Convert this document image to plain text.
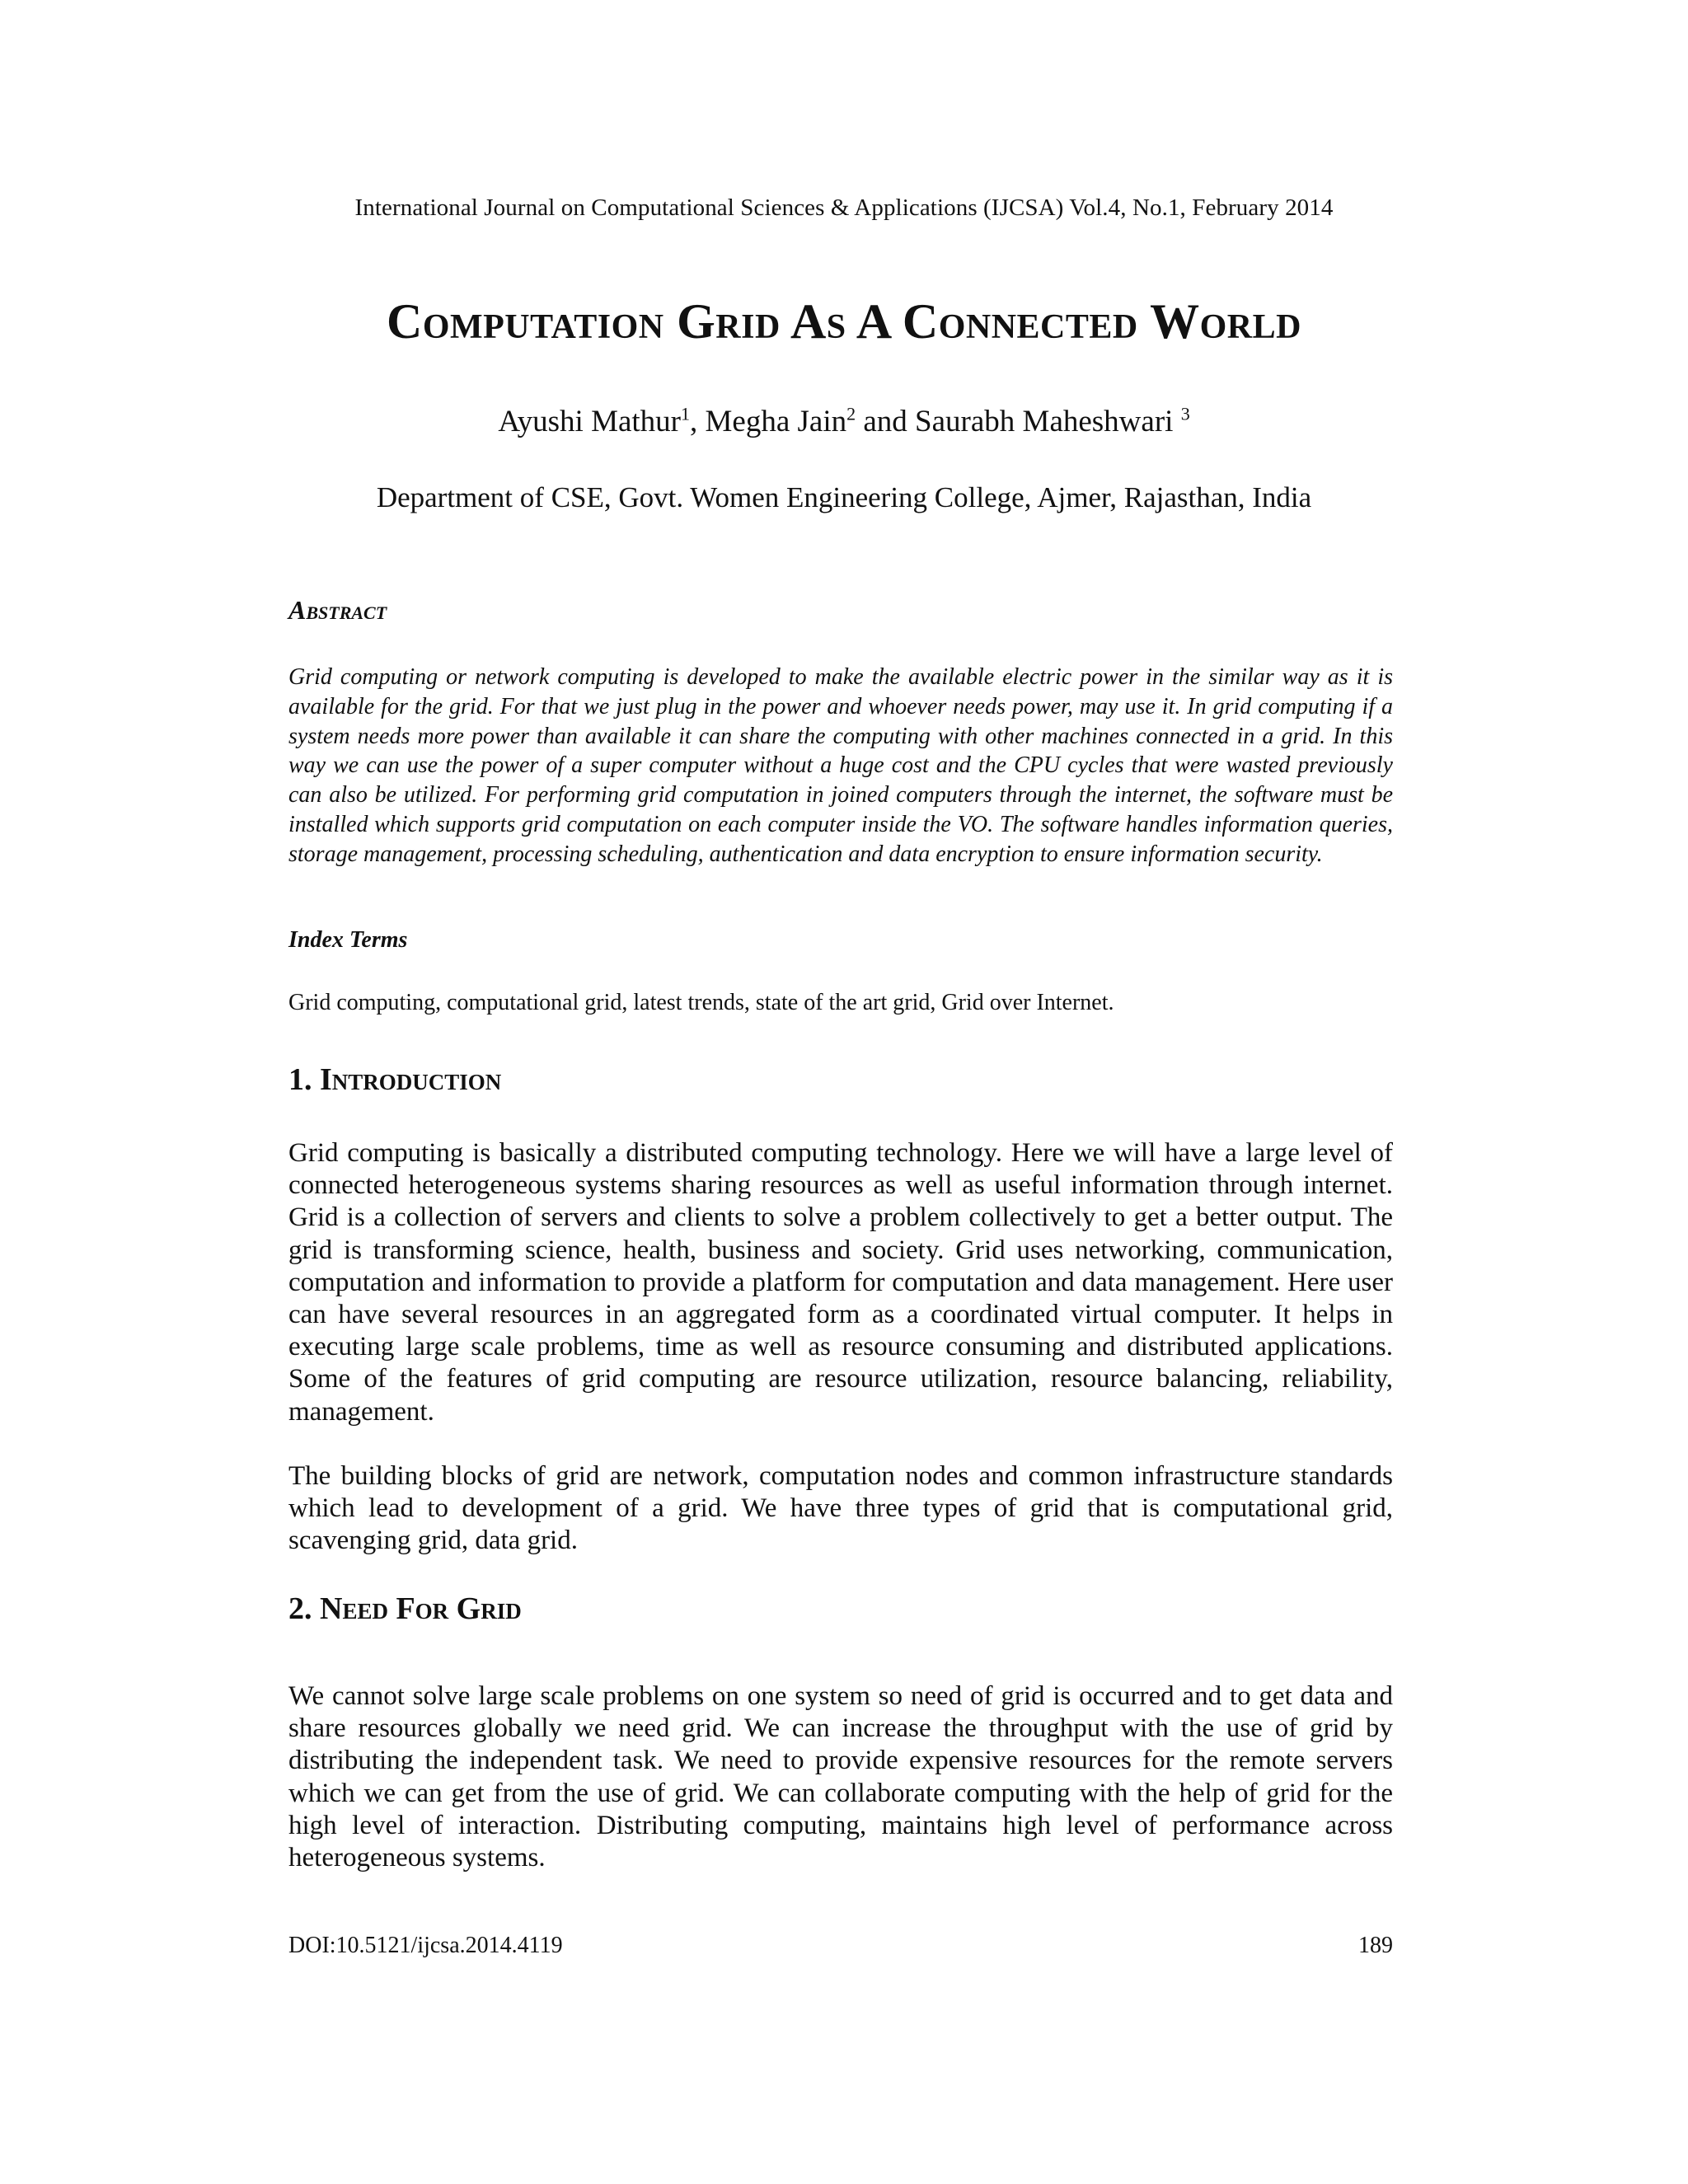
International Journal on Computational Sciences & Applications (IJCSA) Vol.4, No.1, February 2014
Computation Grid As A Connected World
Ayushi Mathur$^1$, Megha Jain$^2$ and Saurabh Maheshwari $^3$
Department of CSE, Govt. Women Engineering College, Ajmer, Rajasthan, India
Abstract
Grid computing or network computing is developed to make the available electric power in the similar way as it is available for the grid. For that we just plug in the power and whoever needs power, may use it. In grid computing if a system needs more power than available it can share the computing with other machines connected in a grid. In this way we can use the power of a super computer without a huge cost and the CPU cycles that were wasted previously can also be utilized. For performing grid computation in joined computers through the internet, the software must be installed which supports grid computation on each computer inside the VO. The software handles information queries, storage management, processing scheduling, authentication and data encryption to ensure information security.
Index Terms
Grid computing, computational grid, latest trends, state of the art grid, Grid over Internet.
1. Introduction
Grid computing is basically a distributed computing technology. Here we will have a large level of connected heterogeneous systems sharing resources as well as useful information through internet. Grid is a collection of servers and clients to solve a problem collectively to get a better output. The grid is transforming science, health, business and society. Grid uses networking, communication, computation and information to provide a platform for computation and data management. Here user can have several resources in an aggregated form as a coordinated virtual computer. It helps in executing large scale problems, time as well as resource consuming and distributed applications. Some of the features of grid computing are resource utilization, resource balancing, reliability, management.
The building blocks of grid are network, computation nodes and common infrastructure standards which lead to development of a grid. We have three types of grid that is computational grid, scavenging grid, data grid.
2. Need For Grid
We cannot solve large scale problems on one system so need of grid is occurred and to get data and share resources globally we need grid. We can increase the throughput with the use of grid by distributing the independent task. We need to provide expensive resources for the remote servers which we can get from the use of grid. We can collaborate computing with the help of grid for the high level of interaction. Distributing computing, maintains high level of performance across heterogeneous systems.
DOI:10.5121/ijcsa.2014.4119	189
